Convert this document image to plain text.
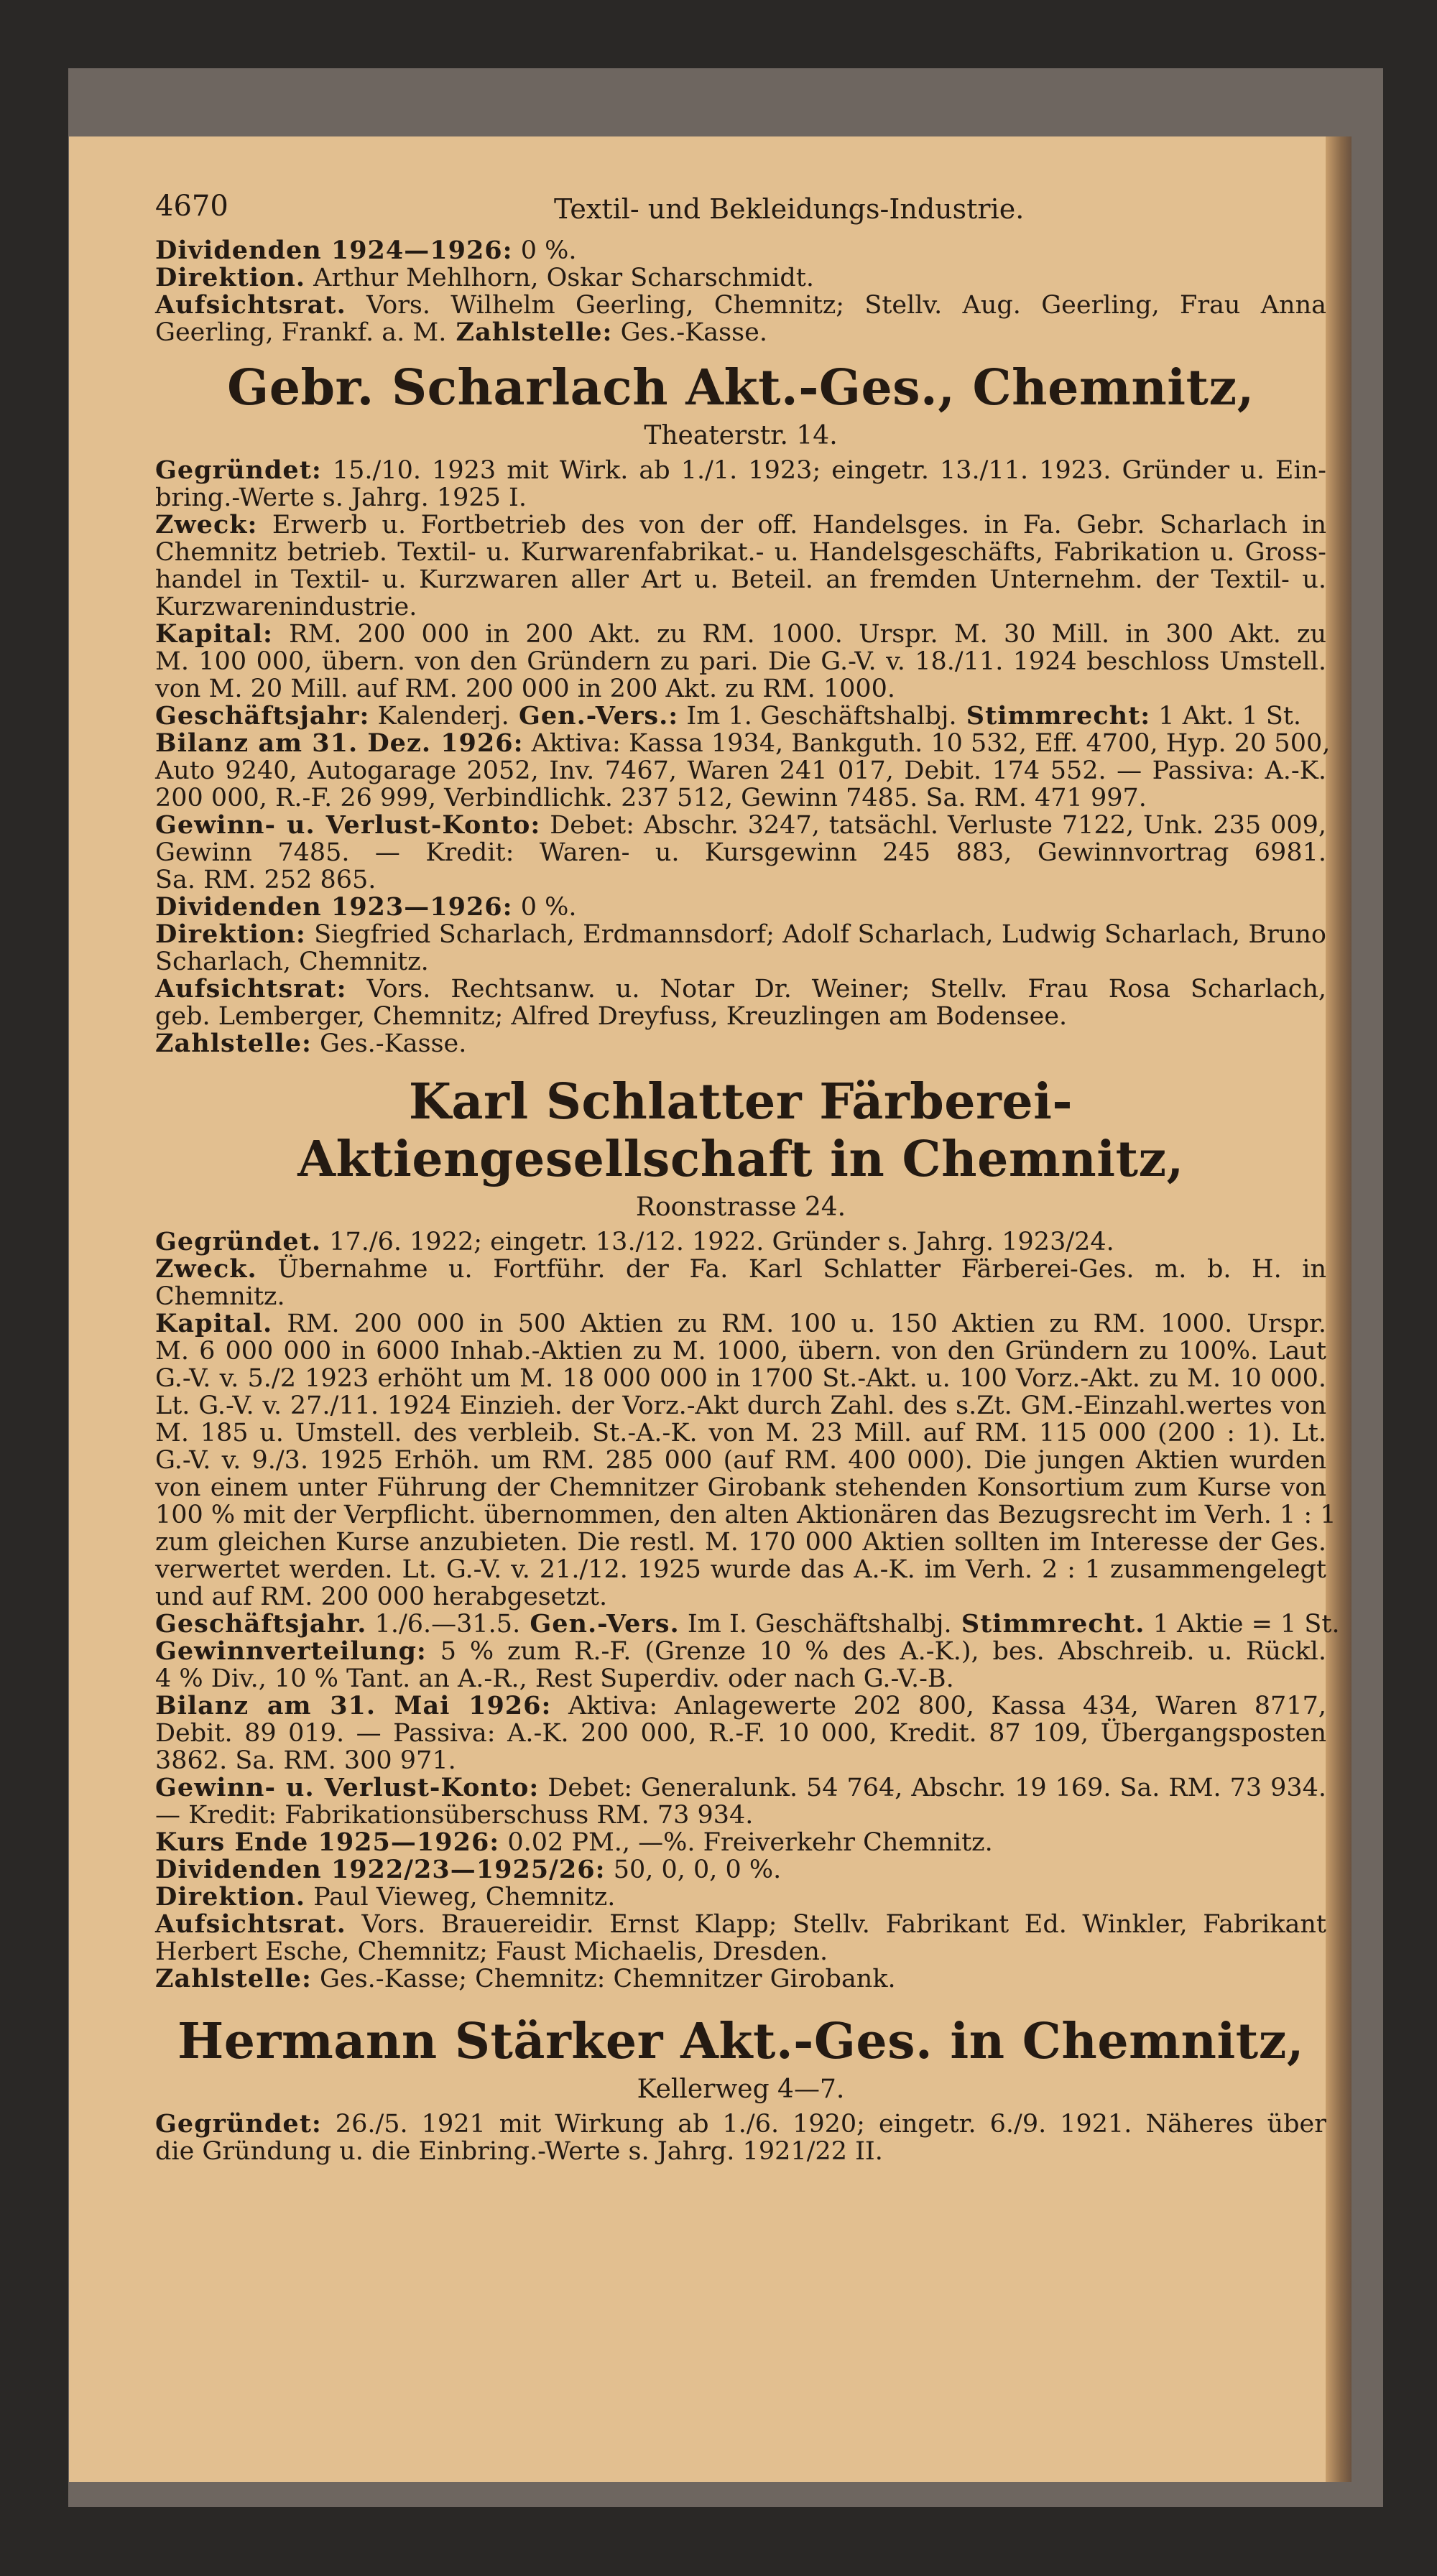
4670	Textil- und Bekleidungs-Industrie.
Dividenden 1924—1926: 0 %.
Direktion. Arthur Mehlhorn, Oskar Scharschmidt.
Aufsichtsrat. Vors. Wilhelm Geerling, Chemnitz; Stellv. Aug. Geerling, Frau Anna
Geerling, Frankf. a. M. Zahlstelle: Ges.-Kasse.
Gebr. Scharlach Akt.-Ges., Chemnitz,
Theaterstr. 14.
Gegründet: 15./10. 1923 mit Wirk. ab 1./1. 1923; eingetr. 13./11. 1923. Gründer u. Ein-
bring.-Werte s. Jahrg. 1925 I.
Zweck: Erwerb u. Fortbetrieb des von der off. Handelsges. in Fa. Gebr. Scharlach in
Chemnitz betrieb. Textil- u. Kurwarenfabrikat.- u. Handelsgeschäfts, Fabrikation u. Gross-
handel in Textil- u. Kurzwaren aller Art u. Beteil. an fremden Unternehm. der Textil- u.
Kurzwarenindustrie.
Kapital: RM. 200 000 in 200 Akt. zu RM. 1000. Urspr. M. 30 Mill. in 300 Akt. zu
M. 100 000, übern. von den Gründern zu pari. Die G.-V. v. 18./11. 1924 beschloss Umstell.
von M. 20 Mill. auf RM. 200 000 in 200 Akt. zu RM. 1000.
Geschäftsjahr: Kalenderj. Gen.-Vers.: Im 1. Geschäftshalbj. Stimmrecht: 1 Akt. 1 St.
Bilanz am 31. Dez. 1926: Aktiva: Kassa 1934, Bankguth. 10 532, Eff. 4700, Hyp. 20 500,
Auto 9240, Autogarage 2052, Inv. 7467, Waren 241 017, Debit. 174 552. — Passiva: A.-K.
200 000, R.-F. 26 999, Verbindlichk. 237 512, Gewinn 7485. Sa. RM. 471 997.
Gewinn- u. Verlust-Konto: Debet: Abschr. 3247, tatsächl. Verluste 7122, Unk. 235 009,
Gewinn 7485. — Kredit: Waren- u. Kursgewinn 245 883, Gewinnvortrag 6981.
Sa. RM. 252 865.
Dividenden 1923—1926: 0 %.
Direktion: Siegfried Scharlach, Erdmannsdorf; Adolf Scharlach, Ludwig Scharlach, Bruno
Scharlach, Chemnitz.
Aufsichtsrat: Vors. Rechtsanw. u. Notar Dr. Weiner; Stellv. Frau Rosa Scharlach,
geb. Lemberger, Chemnitz; Alfred Dreyfuss, Kreuzlingen am Bodensee.
Zahlstelle: Ges.-Kasse.
Karl Schlatter Färberei-Aktiengesellschaft in Chemnitz,
Roonstrasse 24.
Gegründet. 17./6. 1922; eingetr. 13./12. 1922. Gründer s. Jahrg. 1923/24.
Zweck. Übernahme u. Fortführ. der Fa. Karl Schlatter Färberei-Ges. m. b. H. in
Chemnitz.
Kapital. RM. 200 000 in 500 Aktien zu RM. 100 u. 150 Aktien zu RM. 1000. Urspr.
M. 6 000 000 in 6000 Inhab.-Aktien zu M. 1000, übern. von den Gründern zu 100%. Laut
G.-V. v. 5./2 1923 erhöht um M. 18 000 000 in 1700 St.-Akt. u. 100 Vorz.-Akt. zu M. 10 000.
Lt. G.-V. v. 27./11. 1924 Einzieh. der Vorz.-Akt durch Zahl. des s.Zt. GM.-Einzahl.wertes von
M. 185 u. Umstell. des verbleib. St.-A.-K. von M. 23 Mill. auf RM. 115 000 (200 : 1). Lt.
G.-V. v. 9./3. 1925 Erhöh. um RM. 285 000 (auf RM. 400 000). Die jungen Aktien wurden
von einem unter Führung der Chemnitzer Girobank stehenden Konsortium zum Kurse von
100 % mit der Verpflicht. übernommen, den alten Aktionären das Bezugsrecht im Verh. 1 : 1
zum gleichen Kurse anzubieten. Die restl. M. 170 000 Aktien sollten im Interesse der Ges.
verwertet werden. Lt. G.-V. v. 21./12. 1925 wurde das A.-K. im Verh. 2 : 1 zusammengelegt
und auf RM. 200 000 herabgesetzt.
Geschäftsjahr. 1./6.—31.5. Gen.-Vers. Im I. Geschäftshalbj. Stimmrecht. 1 Aktie = 1 St.
Gewinnverteilung: 5 % zum R.-F. (Grenze 10 % des A.-K.), bes. Abschreib. u. Rückl.
4 % Div., 10 % Tant. an A.-R., Rest Superdiv. oder nach G.-V.-B.
Bilanz am 31. Mai 1926: Aktiva: Anlagewerte 202 800, Kassa 434, Waren 8717,
Debit. 89 019. — Passiva: A.-K. 200 000, R.-F. 10 000, Kredit. 87 109, Übergangsposten
3862. Sa. RM. 300 971.
Gewinn- u. Verlust-Konto: Debet: Generalunk. 54 764, Abschr. 19 169. Sa. RM. 73 934.
— Kredit: Fabrikationsüberschuss RM. 73 934.
Kurs Ende 1925—1926: 0.02 PM., —%. Freiverkehr Chemnitz.
Dividenden 1922/23—1925/26: 50, 0, 0, 0 %.
Direktion. Paul Vieweg, Chemnitz.
Aufsichtsrat. Vors. Brauereidir. Ernst Klapp; Stellv. Fabrikant Ed. Winkler, Fabrikant
Herbert Esche, Chemnitz; Faust Michaelis, Dresden.
Zahlstelle: Ges.-Kasse; Chemnitz: Chemnitzer Girobank.
Hermann Stärker Akt.-Ges. in Chemnitz,
Kellerweg 4—7.
Gegründet: 26./5. 1921 mit Wirkung ab 1./6. 1920; eingetr. 6./9. 1921. Näheres über
die Gründung u. die Einbring.-Werte s. Jahrg. 1921/22 II.
